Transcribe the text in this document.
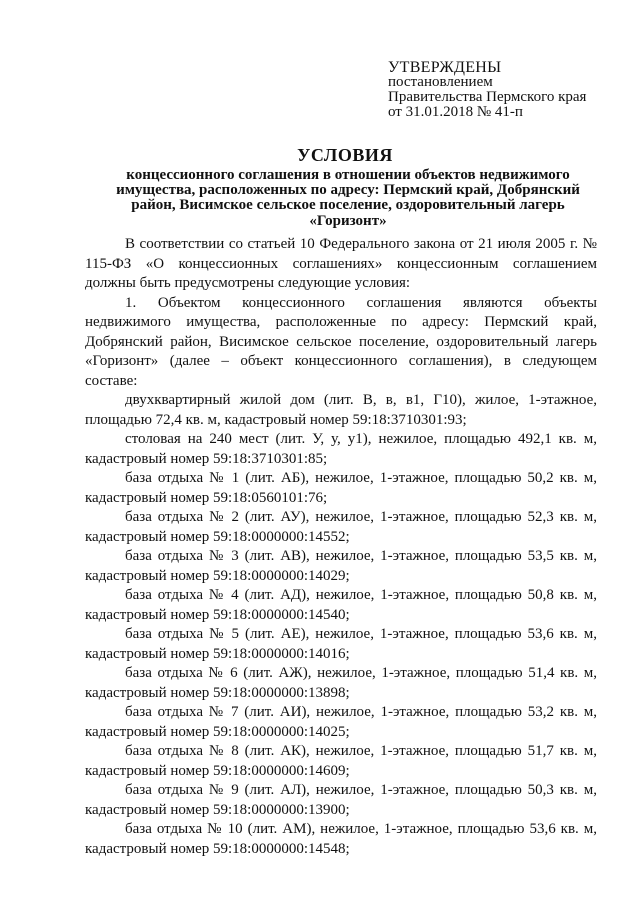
УТВЕРЖДЕНЫ
постановлением
Правительства Пермского края
от 31.01.2018 № 41-п
УСЛОВИЯ
концессионного соглашения в отношении объектов недвижимого имущества, расположенных по адресу: Пермский край, Добрянский район, Висимское сельское поселение, оздоровительный лагерь «Горизонт»

В соответствии со статьей 10 Федерального закона от 21 июля 2005 г. № 115-ФЗ «О концессионных соглашениях» концессионным соглашением должны быть предусмотрены следующие условия:

1. Объектом концессионного соглашения являются объекты недвижимого имущества, расположенные по адресу: Пермский край, Добрянский район, Висимское сельское поселение, оздоровительный лагерь «Горизонт» (далее – объект концессионного соглашения), в следующем составе:

двухквартирный жилой дом (лит. В, в, в1, Г10), жилое, 1-этажное, площадью 72,4 кв. м, кадастровый номер 59:18:3710301:93;

столовая на 240 мест (лит. У, у, у1), нежилое, площадью 492,1 кв. м, кадастровый номер 59:18:3710301:85;

база отдыха № 1 (лит. АБ), нежилое, 1-этажное, площадью 50,2 кв. м, кадастровый номер 59:18:0560101:76;

база отдыха № 2 (лит. АУ), нежилое, 1-этажное, площадью 52,3 кв. м, кадастровый номер 59:18:0000000:14552;

база отдыха № 3 (лит. АВ), нежилое, 1-этажное, площадью 53,5 кв. м, кадастровый номер 59:18:0000000:14029;

база отдыха № 4 (лит. АД), нежилое, 1-этажное, площадью 50,8 кв. м, кадастровый номер 59:18:0000000:14540;

база отдыха № 5 (лит. АЕ), нежилое, 1-этажное, площадью 53,6 кв. м, кадастровый номер 59:18:0000000:14016;

база отдыха № 6 (лит. АЖ), нежилое, 1-этажное, площадью 51,4 кв. м, кадастровый номер 59:18:0000000:13898;

база отдыха № 7 (лит. АИ), нежилое, 1-этажное, площадью 53,2 кв. м, кадастровый номер 59:18:0000000:14025;

база отдыха № 8 (лит. АК), нежилое, 1-этажное, площадью 51,7 кв. м, кадастровый номер 59:18:0000000:14609;

база отдыха № 9 (лит. АЛ), нежилое, 1-этажное, площадью 50,3 кв. м, кадастровый номер 59:18:0000000:13900;

база отдыха № 10 (лит. АМ), нежилое, 1-этажное, площадью 53,6 кв. м, кадастровый номер 59:18:0000000:14548;
